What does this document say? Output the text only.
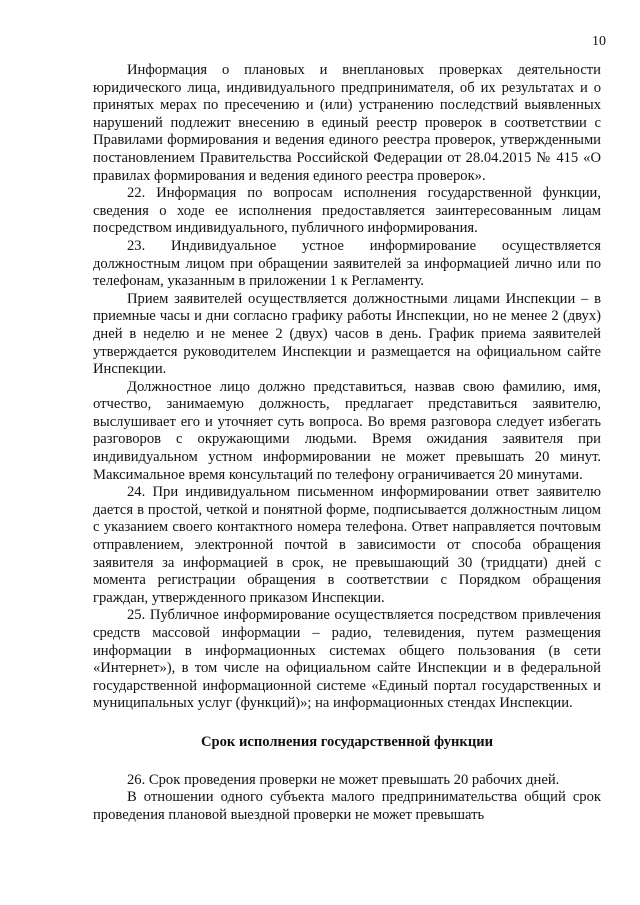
10

Информация о плановых и внеплановых проверках деятельности юридического лица, индивидуального предпринимателя, об их результатах и о принятых мерах по пресечению и (или) устранению последствий выявленных нарушений подлежит внесению в единый реестр проверок в соответствии с Правилами формирования и ведения единого реестра проверок, утвержденными постановлением Правительства Российской Федерации от 28.04.2015 № 415 «О правилах формирования и ведения единого реестра проверок».

22. Информация по вопросам исполнения государственной функции, сведения о ходе ее исполнения предоставляется заинтересованным лицам посредством индивидуального, публичного информирования.

23. Индивидуальное устное информирование осуществляется должностным лицом при обращении заявителей за информацией лично или по телефонам, указанным в приложении 1 к Регламенту.

Прием заявителей осуществляется должностными лицами Инспекции – в приемные часы и дни согласно графику работы Инспекции, но не менее 2 (двух) дней в неделю и не менее 2 (двух) часов в день. График приема заявителей утверждается руководителем Инспекции и размещается на официальном сайте Инспекции.

Должностное лицо должно представиться, назвав свою фамилию, имя, отчество, занимаемую должность, предлагает представиться заявителю, выслушивает его и уточняет суть вопроса. Во время разговора следует избегать разговоров с окружающими людьми. Время ожидания заявителя при индивидуальном устном информировании не может превышать 20 минут. Максимальное время консультаций по телефону ограничивается 20 минутами.

24. При индивидуальном письменном информировании ответ заявителю дается в простой, четкой и понятной форме, подписывается должностным лицом с указанием своего контактного номера телефона. Ответ направляется почтовым отправлением, электронной почтой в зависимости от способа обращения заявителя за информацией в срок, не превышающий 30 (тридцати) дней с момента регистрации обращения в соответствии с Порядком обращения граждан, утвержденного приказом Инспекции.

25. Публичное информирование осуществляется посредством привлечения средств массовой информации – радио, телевидения, путем размещения информации в информационных системах общего пользования (в сети «Интернет»), в том числе на официальном сайте Инспекции и в федеральной государственной информационной системе «Единый портал государственных и муниципальных услуг (функций)»; на информационных стендах Инспекции.

Срок исполнения государственной функции

26. Срок проведения проверки не может превышать 20 рабочих дней.

В отношении одного субъекта малого предпринимательства общий срок проведения плановой выездной проверки не может превышать
